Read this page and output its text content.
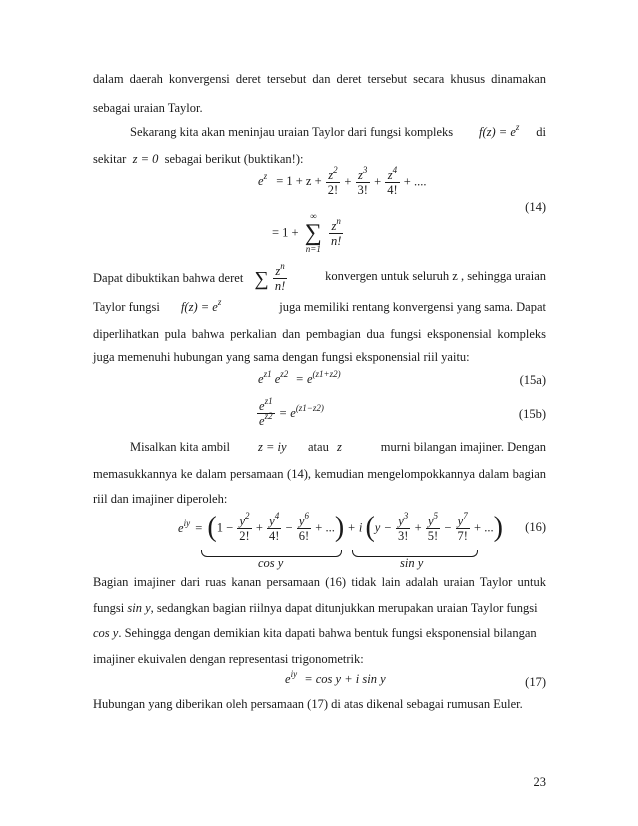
dalam daerah konvergensi deret tersebut dan deret tersebut secara khusus dinamakan
sebagai uraian Taylor.
Sekarang kita akan meninjau uraian Taylor dari fungsi kompleks $f(z) = e^z$ di
sekitar z = 0 sebagai berikut (buktikan!):
$e^z = 1 + z + \frac{z^2}{2!} + \frac{z^3}{3!} + \frac{z^4}{4!}$ + ....
= 1 +
∞
∑
n=1

$\frac{z^n}{n!}$
(14)
Dapat dibuktikan bahwa deret ∑ $\frac{z^n}{n!}$	konvergen untuk seluruh z , sehingga uraian
Taylor fungsi $f(z) = e^z$	juga memiliki rentang konvergensi yang sama. Dapat
diperlihatkan pula bahwa perkalian dan pembagian dua fungsi eksponensial kompleks
juga memenuhi hubungan yang sama dengan fungsi eksponensial riil yaitu:
$e^{z1}$ $e^{z2} = e^{(z1+z2)}$	(15a)
$\frac{e^{z1}}{e^{z2}} = e^{(z1-z2)}$	(15b)
Misalkan kita ambil z = iy atau z	murni bilangan imajiner. Dengan
memasukkannya ke dalam persamaan (14), kemudian mengelompokkannya dalam bagian
riil dan imajiner diperoleh:
$e^{iy} = (1 - \frac{y^2}{2!} + \frac{y^4}{4!} - \frac{y^6}{6!}$ + ...) + i ($y - \frac{y^3}{3!} + \frac{y^5}{5!} - \frac{y^7}{7!}$ + ...)
cos y	sin y
(16)
Bagian imajiner dari ruas kanan persamaan (16) tidak lain adalah uraian Taylor untuk
fungsi sin y, sedangkan bagian riilnya dapat ditunjukkan merupakan uraian Taylor fungsi
cos y. Sehingga dengan demikian kita dapati bahwa bentuk fungsi eksponensial bilangan
imajiner ekuivalen dengan representasi trigonometrik:
$e^{iy} = \cos y + i$ sin y	(17)
Hubungan yang diberikan oleh persamaan (17) di atas dikenal sebagai rumusan Euler.
23
